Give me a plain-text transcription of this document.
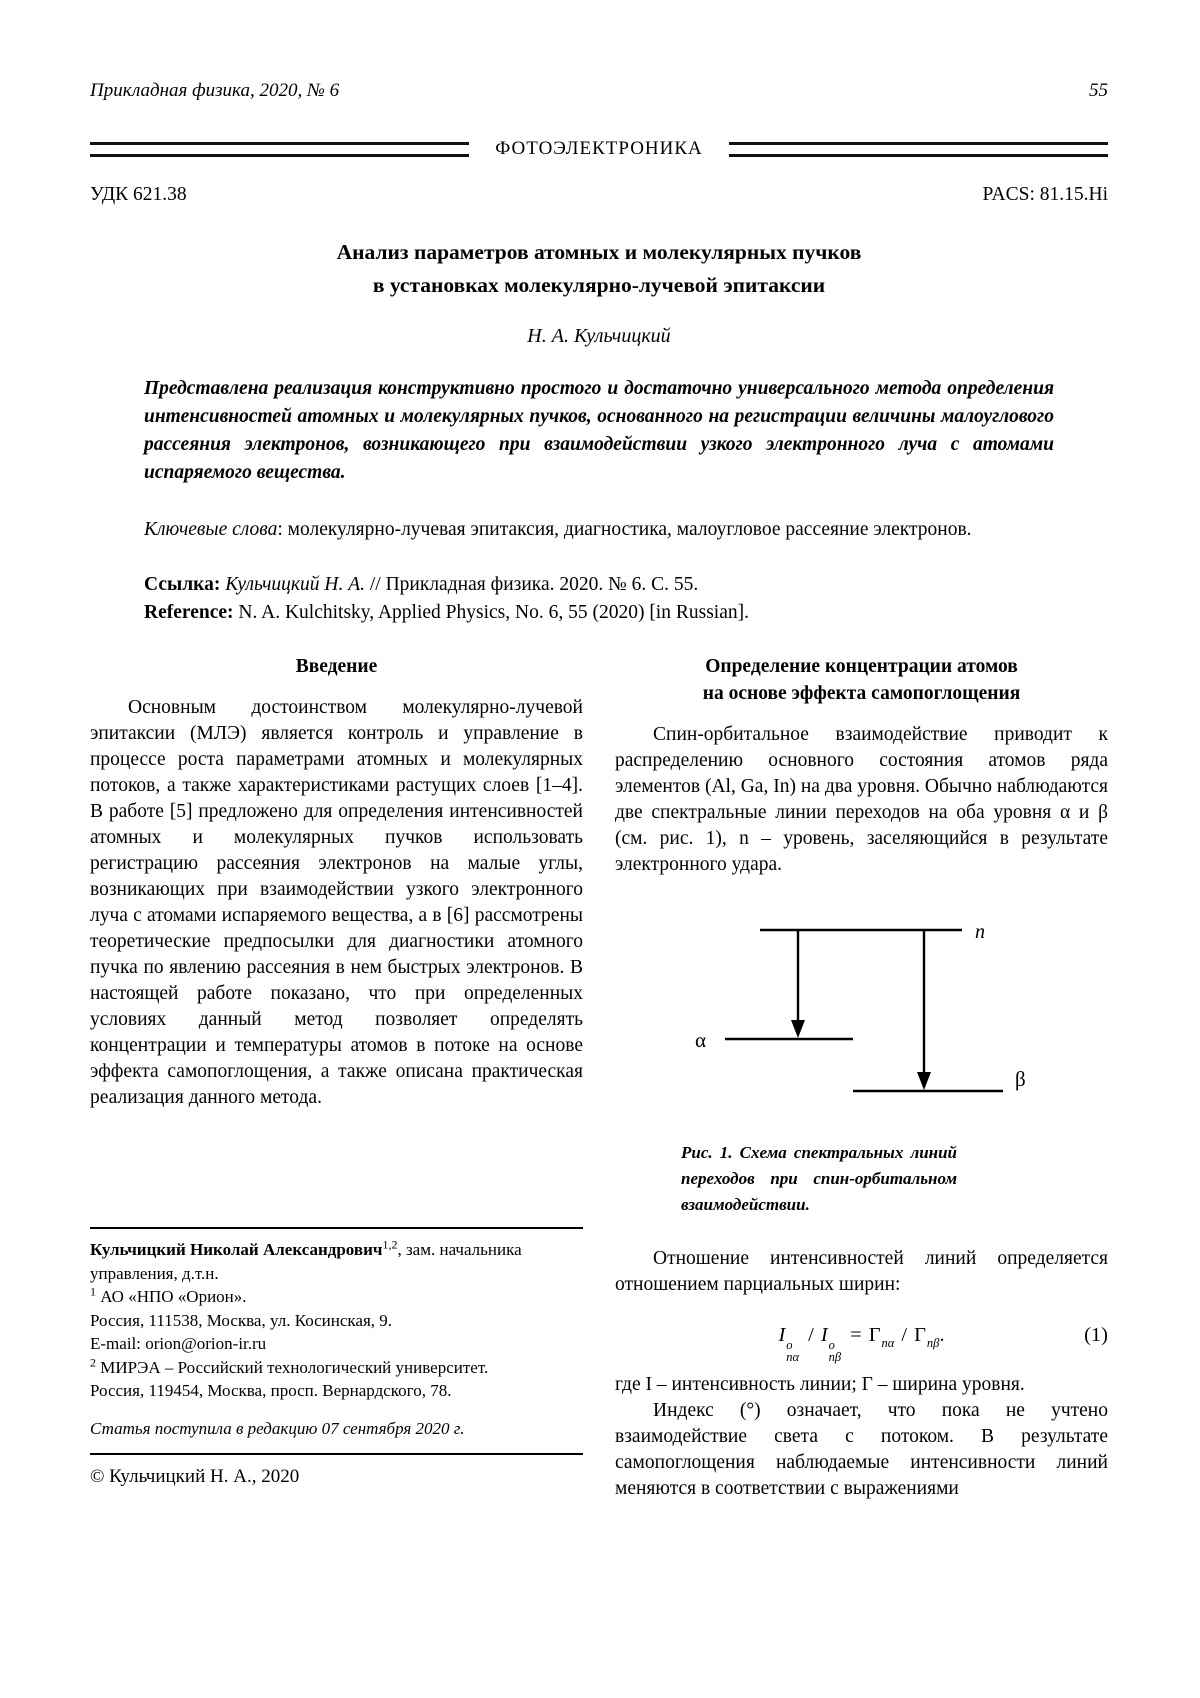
Прикладная физика, 2020, № 6	55
ФОТОЭЛЕКТРОНИКА
УДК 621.38	PACS: 81.15.Hi
Анализ параметров атомных и молекулярных пучков
в установках молекулярно-лучевой эпитаксии
Н. А. Кульчицкий
Представлена реализация конструктивно простого и достаточно универсального метода определения интенсивностей атомных и молекулярных пучков, основанного на регистрации величины малоуглового рассеяния электронов, возникающего при взаимодействии узкого электронного луча с атомами испаряемого вещества.
Ключевые слова: молекулярно-лучевая эпитаксия, диагностика, малоугловое рассеяние электронов.
Ссылка: Кульчицкий Н. А. // Прикладная физика. 2020. № 6. С. 55.
Reference: N. A. Kulchitsky, Applied Physics, No. 6, 55 (2020) [in Russian].
Введение

Основным достоинством молекулярно-лучевой эпитаксии (МЛЭ) является контроль и управление в процессе роста параметрами атомных и молекулярных потоков, а также характеристиками растущих слоев [1–4]. В работе [5] предложено для определения интенсивностей атомных и молекулярных пучков использовать регистрацию рассеяния электронов на малые углы, возникающих при взаимодействии узкого электронного луча с атомами испаряемого вещества, а в [6] рассмотрены теоретические предпосылки для диагностики атомного пучка по явлению рассеяния в нем быстрых электронов. В настоящей работе показано, что при определенных условиях данный метод позволяет определять концентрации и температуры атомов в потоке на основе эффекта самопоглощения, а также описана практическая реализация данного метода.

Кульчицкий Николай Александрович$^{1,2}$, зам. начальника управления, д.т.н.

$^1$ АО «НПО «Орион».

Россия, 111538, Москва, ул. Косинская, 9.

E-mail: orion@orion-ir.ru

$^2$ МИРЭА – Российский технологический университет.

Россия, 119454, Москва, просп. Вернардского, 78.

Статья поступила в редакцию 07 сентября 2020 г.
© Кульчицкий Н. А., 2020
Определение концентрации атомов
на основе эффекта самопоглощения

Спин-орбитальное взаимодействие приводит к распределению основного состояния атомов ряда элементов (Al, Ga, In) на два уровня. Обычно наблюдаются две спектральные линии переходов на оба уровня α и β (см. рис. 1), n – уровень, заселяющийся в результате электронного удара.

n
α
β
Рис. 1. Схема спектральных линий переходов при спин-орбитальном взаимодействии.

Отношение интенсивностей линий определяется отношением парциальных ширин:

I o
nα
/ I o
nβ
= $\Gamma_{n\alpha} / \Gamma_{n\beta}$.	(1)

где I – интенсивность линии; Γ – ширина уровня.

Индекс (°) означает, что пока не учтено взаимодействие света с потоком. В результате самопоглощения наблюдаемые интенсивности линий меняются в соответствии с выражениями
